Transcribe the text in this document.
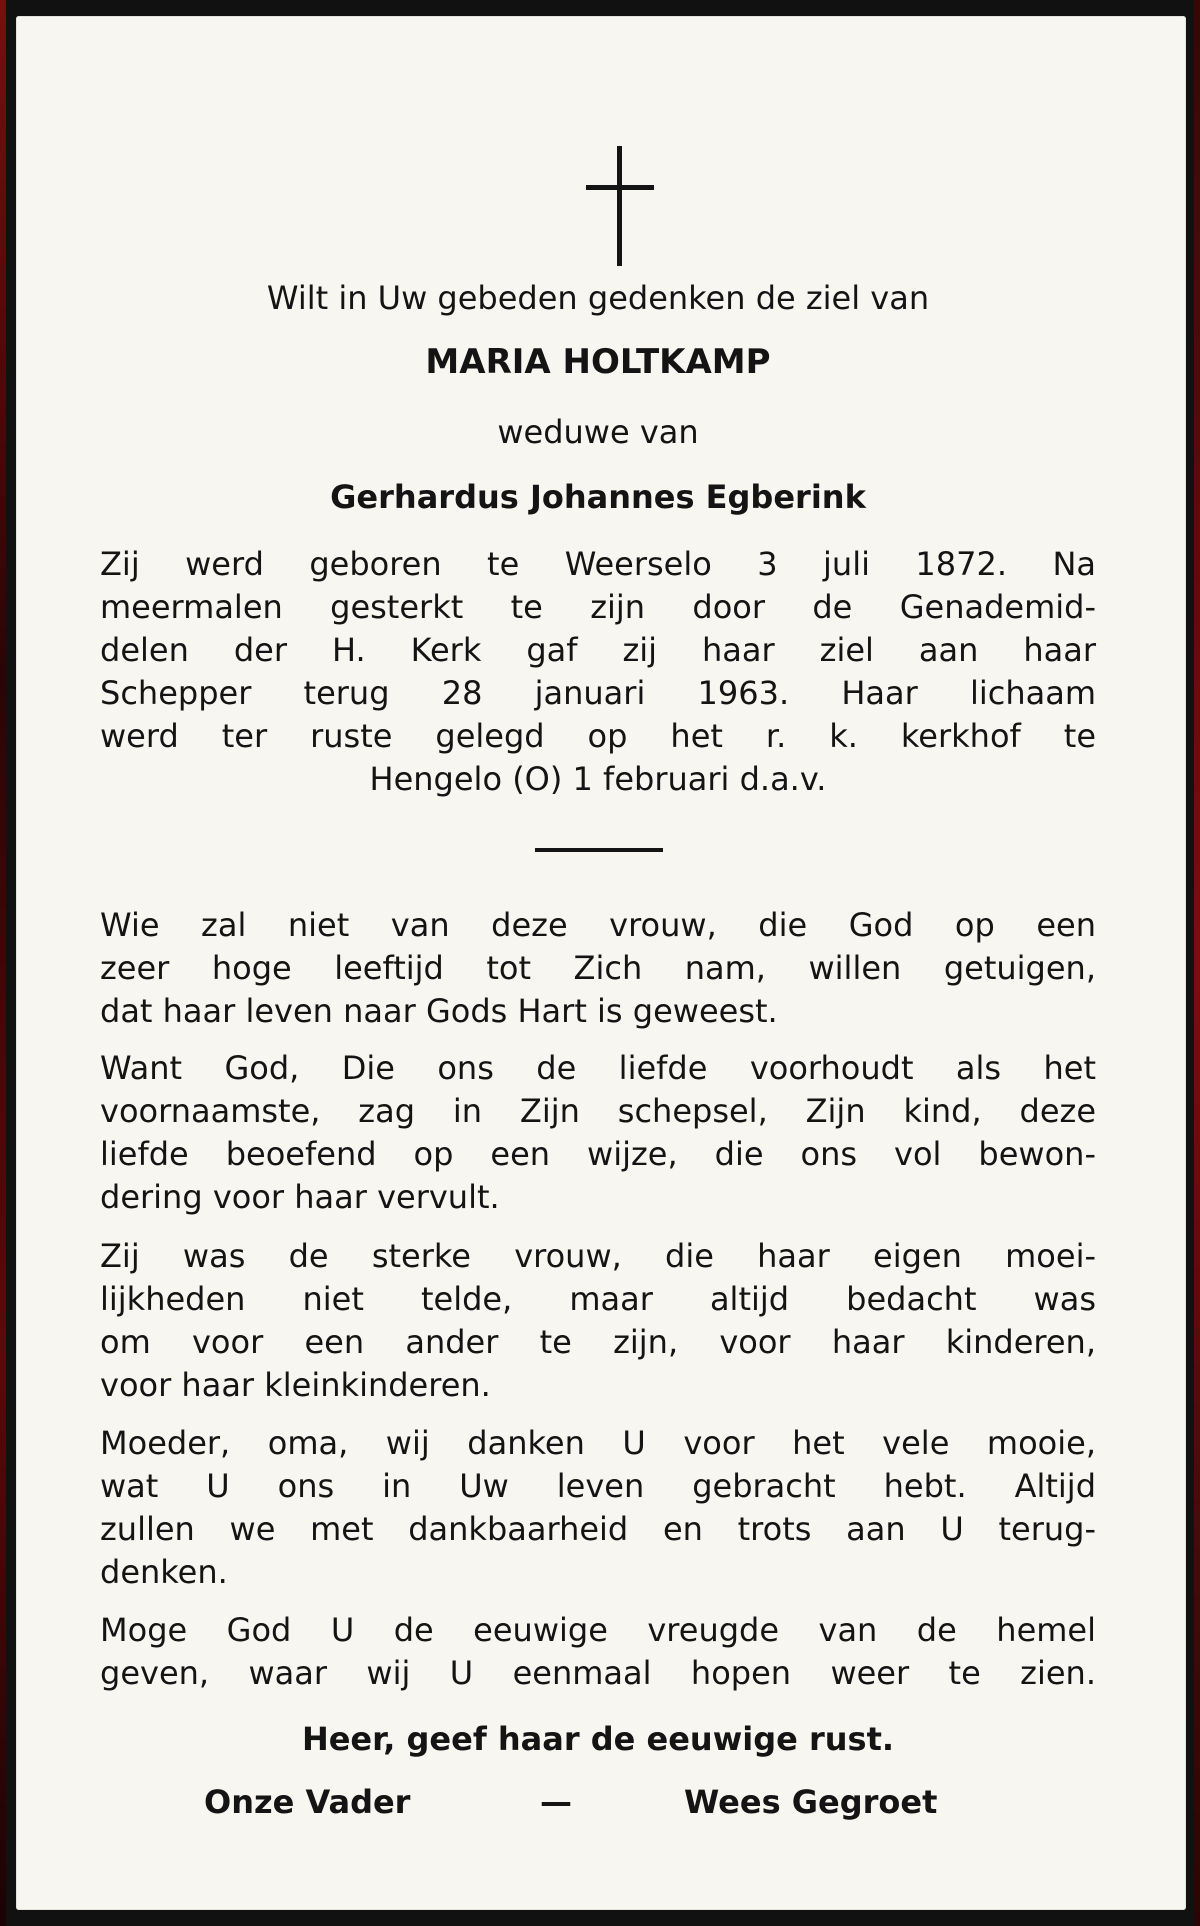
Wilt in Uw gebeden gedenken de ziel van

MARIA HOLTKAMP

weduwe van

Gerhardus Johannes Egberink

Zij werd geboren te Weerselo 3 juli 1872. Na

meermalen gesterkt te zijn door de Genademid-

delen der H. Kerk gaf zij haar ziel aan haar

Schepper terug 28 januari 1963. Haar lichaam

werd ter ruste gelegd op het r. k. kerkhof te

Hengelo (O) 1 februari d.a.v.

Wie zal niet van deze vrouw, die God op een

zeer hoge leeftijd tot Zich nam, willen getuigen,

dat haar leven naar Gods Hart is geweest.

Want God, Die ons de liefde voorhoudt als het

voornaamste, zag in Zijn schepsel, Zijn kind, deze

liefde beoefend op een wijze, die ons vol bewon-

dering voor haar vervult.

Zij was de sterke vrouw, die haar eigen moei-

lijkheden niet telde, maar altijd bedacht was

om voor een ander te zijn, voor haar kinderen,

voor haar kleinkinderen.

Moeder, oma, wij danken U voor het vele mooie,

wat U ons in Uw leven gebracht hebt. Altijd

zullen we met dankbaarheid en trots aan U terug-

denken.

Moge God U de eeuwige vreugde van de hemel

geven, waar wij U eenmaal hopen weer te zien.

Heer, geef haar de eeuwige rust.

Onze Vader	—	Wees Gegroet
